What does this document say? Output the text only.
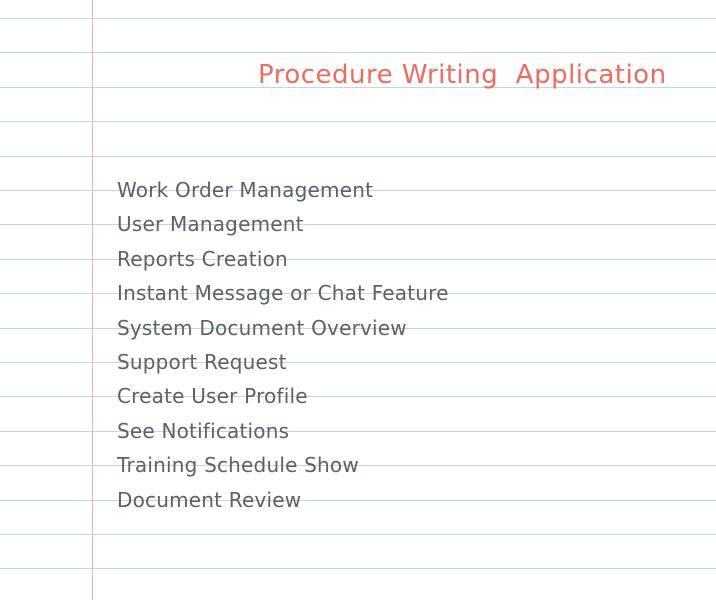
Procedure Writing  Application
Work Order Management
User Management
Reports Creation
Instant Message or Chat Feature
System Document Overview
Support Request
Create User Profile
See Notifications
Training Schedule Show
Document Review
